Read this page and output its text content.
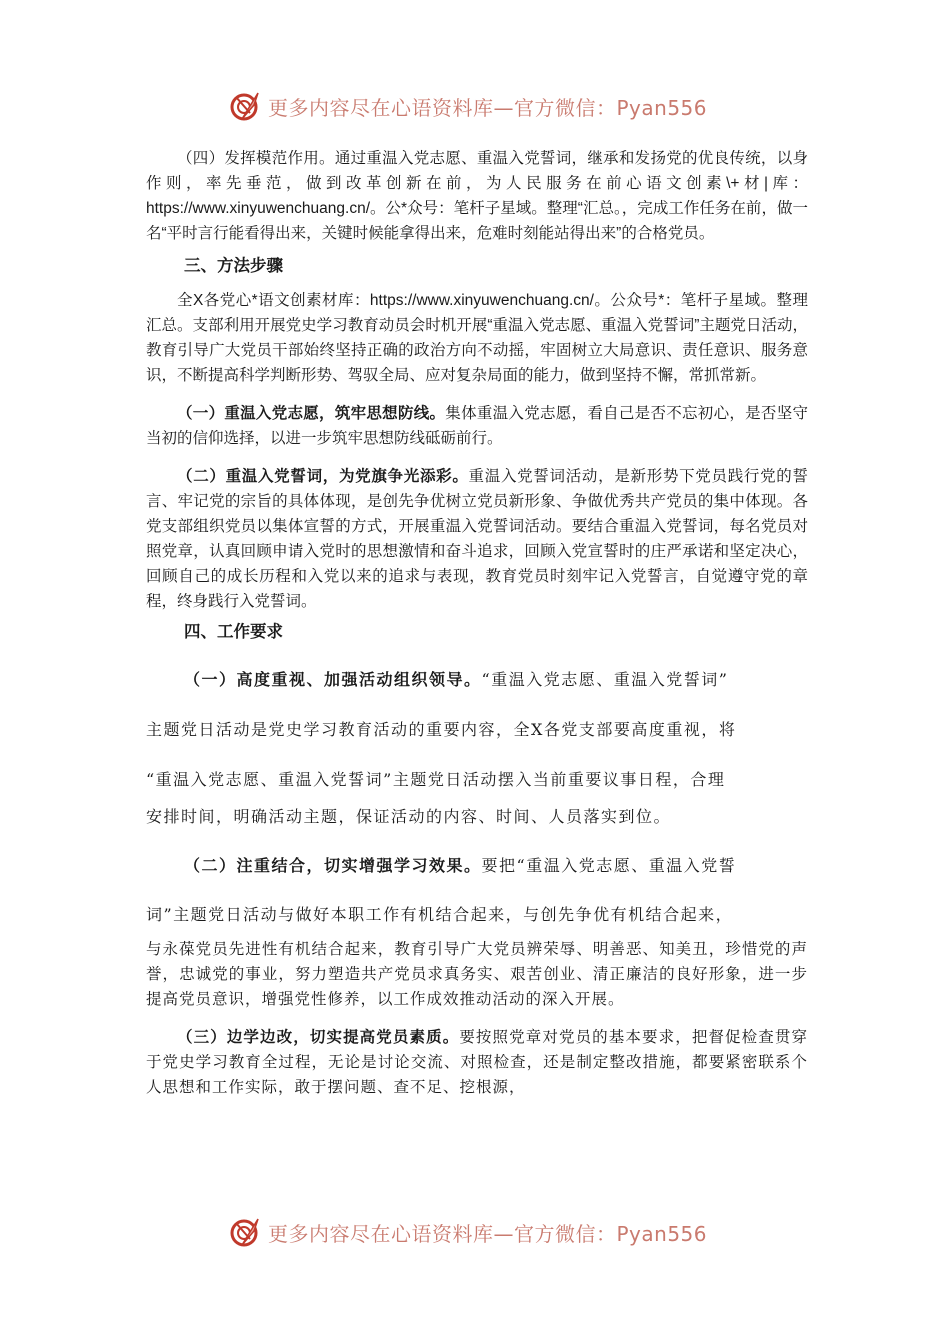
更多内容尽在心语资料库—官方微信：Pyan556

（四）发挥模范作用。通过重温入党志愿、重温入党誓词，继承和发扬党的优良传统，以身作则，率先垂范，做到改革创新在前，为人民服务在前心语文创素\+材|库：https://www.xinyuwenchuang.cn/。公*众号：笔杆子星域。整理“汇总。，完成工作任务在前，做一名“平时言行能看得出来，关键时候能拿得出来，危难时刻能站得出来”的合格党员。

三、方法步骤

全X各党心*语文创素材库：https://www.xinyuwenchuang.cn/。公众号*：笔杆子星域。整理汇总。支部利用开展党史学习教育动员会时机开展“重温入党志愿、重温入党誓词”主题党日活动，教育引导广大党员干部始终坚持正确的政治方向不动摇，牢固树立大局意识、责任意识、服务意识，不断提高科学判断形势、驾驭全局、应对复杂局面的能力，做到坚持不懈，常抓常新。

（一）重温入党志愿，筑牢思想防线。集体重温入党志愿，看自己是否不忘初心，是否坚守当初的信仰选择，以进一步筑牢思想防线砥砺前行。

（二）重温入党誓词，为党旗争光添彩。重温入党誓词活动，是新形势下党员践行党的誓言、牢记党的宗旨的具体体现，是创先争优树立党员新形象、争做优秀共产党员的集中体现。各党支部组织党员以集体宣誓的方式，开展重温入党誓词活动。要结合重温入党誓词，每名党员对照党章，认真回顾申请入党时的思想激情和奋斗追求，回顾入党宣誓时的庄严承诺和坚定决心，回顾自己的成长历程和入党以来的追求与表现，教育党员时刻牢记入党誓言，自觉遵守党的章程，终身践行入党誓词。

四、工作要求
（一）高度重视、加强活动组织领导。“重温入党志愿、重温入党誓词”
主题党日活动是党史学习教育活动的重要内容，全X各党支部要高度重视，将
“重温入党志愿、重温入党誓词”主题党日活动摆入当前重要议事日程，合理
安排时间，明确活动主题，保证活动的内容、时间、人员落实到位。
（二）注重结合，切实增强学习效果。要把“重温入党志愿、重温入党誓
词”主题党日活动与做好本职工作有机结合起来，与创先争优有机结合起来，

与永葆党员先进性有机结合起来，教育引导广大党员辨荣辱、明善恶、知美丑，珍惜党的声誉，忠诚党的事业，努力塑造共产党员求真务实、艰苦创业、清正廉洁的良好形象，进一步提高党员意识，增强党性修养，以工作成效推动活动的深入开展。

（三）边学边改，切实提高党员素质。要按照党章对党员的基本要求，把督促检查贯穿于党史学习教育全过程，无论是讨论交流、对照检查，还是制定整改措施，都要紧密联系个人思想和工作实际，敢于摆问题、查不足、挖根源，

更多内容尽在心语资料库—官方微信：Pyan556
